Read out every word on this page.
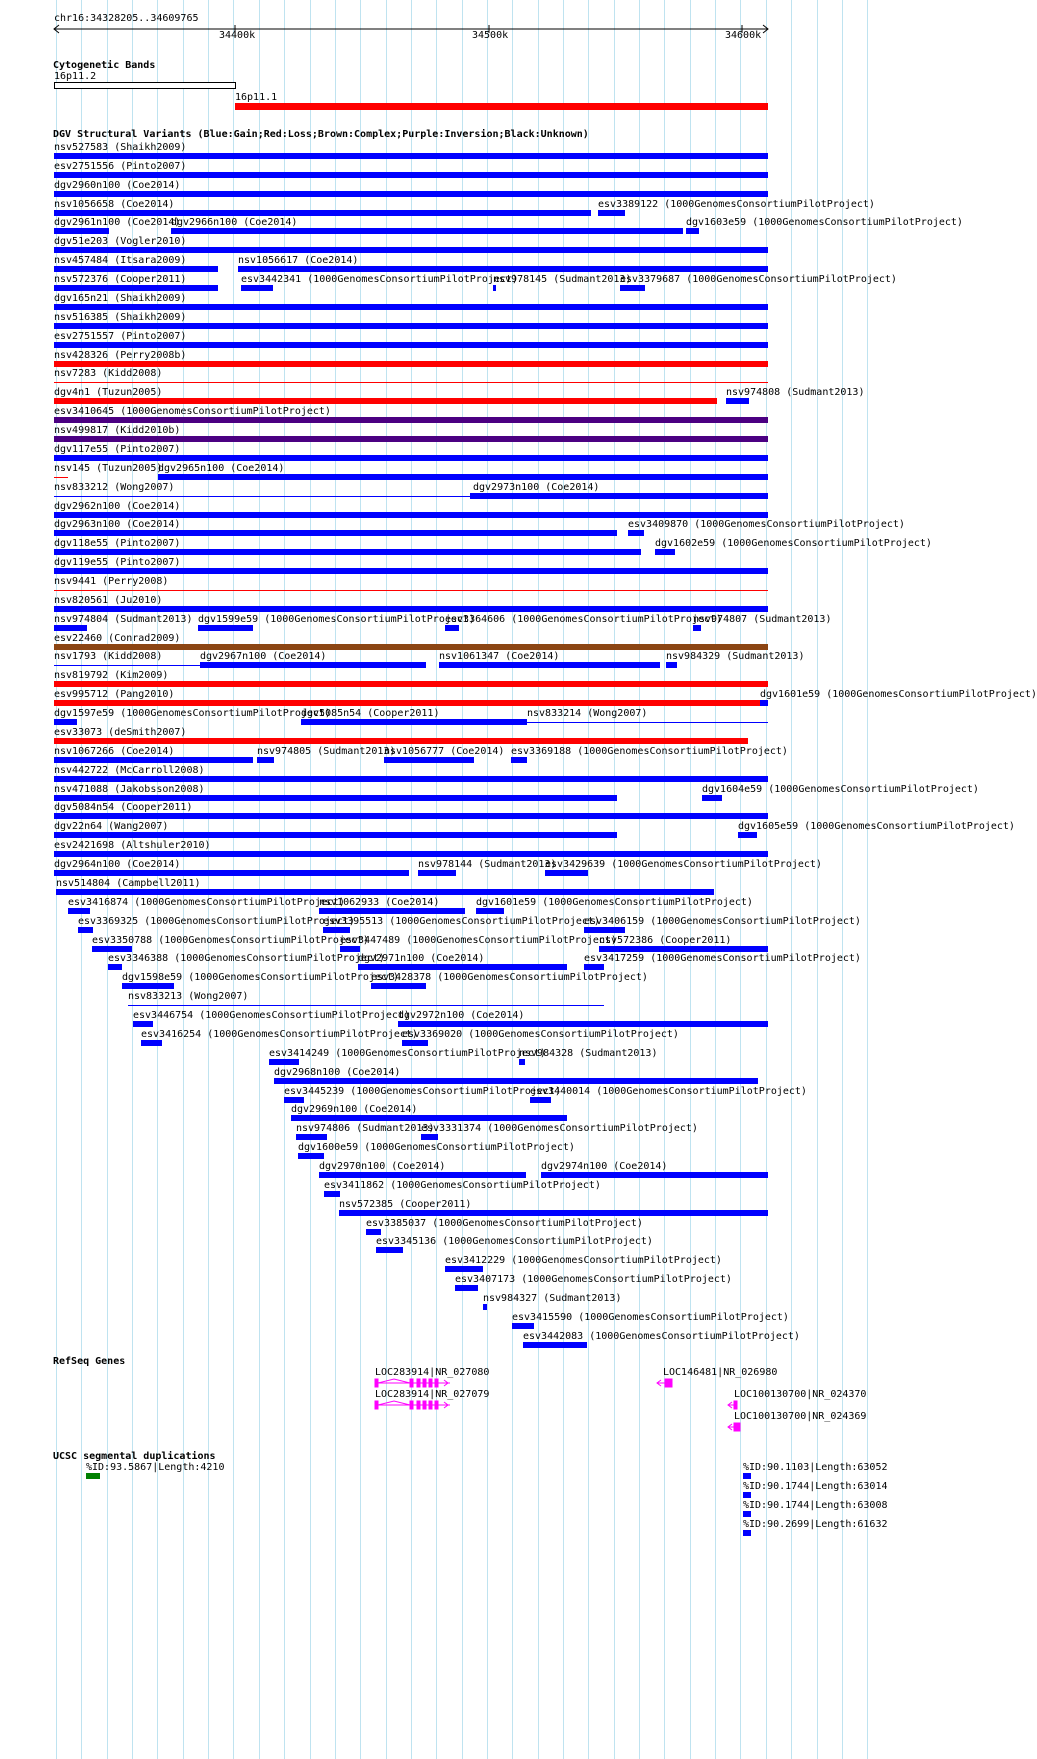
chr16:34328205..34609765
34400k	34500k	34600k
Cytogenetic Bands
16p11.2
16p11.1
DGV Structural Variants (Blue:Gain;Red:Loss;Brown:Complex;Purple:Inversion;Black:Unknown)
nsv527583 (Shaikh2009)
esv2751556 (Pinto2007)
dgv2960n100 (Coe2014)
nsv1056658 (Coe2014)	esv3389122 (1000GenomesConsortiumPilotProject)
dgv2961n100 (Coe2014)
dgv2966n100 (Coe2014)	dgv1603e59 (1000GenomesConsortiumPilotProject)
dgv51e203 (Vogler2010)
nsv457484 (Itsara2009)	nsv1056617 (Coe2014)
nsv572376 (Cooper2011)	esv3442341 (1000GenomesConsortiumPilotProject)
nsv978145 (Sudmant2013)
esv3379687 (1000GenomesConsortiumPilotProject)
dgv165n21 (Shaikh2009)
nsv516385 (Shaikh2009)
esv2751557 (Pinto2007)
nsv428326 (Perry2008b)
nsv7283 (Kidd2008)
dgv4n1 (Tuzun2005)	nsv974808 (Sudmant2013)
esv3410645 (1000GenomesConsortiumPilotProject)
nsv499817 (Kidd2010b)
dgv117e55 (Pinto2007)
nsv145 (Tuzun2005)
dgv2965n100 (Coe2014)
nsv833212 (Wong2007)	dgv2973n100 (Coe2014)
dgv2962n100 (Coe2014)
dgv2963n100 (Coe2014)	esv3409870 (1000GenomesConsortiumPilotProject)
dgv118e55 (Pinto2007)	dgv1602e59 (1000GenomesConsortiumPilotProject)
dgv119e55 (Pinto2007)
nsv9441 (Perry2008)
nsv820561 (Ju2010)
nsv974804 (Sudmant2013) dgv1599e59 (1000GenomesConsortiumPilotProject)
esv3364606 (1000GenomesConsortiumPilotProject)
nsv974807 (Sudmant2013)
esv22460 (Conrad2009)
nsv1793 (Kidd2008)	dgv2967n100 (Coe2014)	nsv1061347 (Coe2014)	nsv984329 (Sudmant2013)
nsv819792 (Kim2009)
esv995712 (Pang2010)	dgv1601e59 (1000GenomesConsortiumPilotProject)
dgv1597e59 (1000GenomesConsortiumPilotProject)
dgv5085n54 (Cooper2011)	nsv833214 (Wong2007)
esv33073 (deSmith2007)
nsv1067266 (Coe2014)	nsv974805 (Sudmant2013)
nsv1056777 (Coe2014) esv3369188 (1000GenomesConsortiumPilotProject)
nsv442722 (McCarroll2008)
nsv471088 (Jakobsson2008)	dgv1604e59 (1000GenomesConsortiumPilotProject)
dgv5084n54 (Cooper2011)
dgv22n64 (Wang2007)	dgv1605e59 (1000GenomesConsortiumPilotProject)
esv2421698 (Altshuler2010)
dgv2964n100 (Coe2014)	nsv978144 (Sudmant2013)
esv3429639 (1000GenomesConsortiumPilotProject)
nsv514804 (Campbell2011)
esv3416874 (1000GenomesConsortiumPilotProject)
nsv1062933 (Coe2014)	dgv1601e59 (1000GenomesConsortiumPilotProject)
esv3369325 (1000GenomesConsortiumPilotProject)
esv3395513 (1000GenomesConsortiumPilotProject)
esv3406159 (1000GenomesConsortiumPilotProject)
esv3350788 (1000GenomesConsortiumPilotProject)
esv3447489 (1000GenomesConsortiumPilotProject)
nsv572386 (Cooper2011)
esv3346388 (1000GenomesConsortiumPilotProject)
dgv2971n100 (Coe2014)	esv3417259 (1000GenomesConsortiumPilotProject)
dgv1598e59 (1000GenomesConsortiumPilotProject)
esv3428378 (1000GenomesConsortiumPilotProject)
nsv833213 (Wong2007)
esv3446754 (1000GenomesConsortiumPilotProject)
dgv2972n100 (Coe2014)
esv3416254 (1000GenomesConsortiumPilotProject)
esv3369020 (1000GenomesConsortiumPilotProject)
esv3414249 (1000GenomesConsortiumPilotProject)
nsv984328 (Sudmant2013)
dgv2968n100 (Coe2014)
esv3445239 (1000GenomesConsortiumPilotProject)
esv3440014 (1000GenomesConsortiumPilotProject)
dgv2969n100 (Coe2014)
nsv974806 (Sudmant2013)
esv3331374 (1000GenomesConsortiumPilotProject)
dgv1600e59 (1000GenomesConsortiumPilotProject)
dgv2970n100 (Coe2014)	dgv2974n100 (Coe2014)
esv3411862 (1000GenomesConsortiumPilotProject)
nsv572385 (Cooper2011)
esv3385037 (1000GenomesConsortiumPilotProject)
esv3345136 (1000GenomesConsortiumPilotProject)
esv3412229 (1000GenomesConsortiumPilotProject)
esv3407173 (1000GenomesConsortiumPilotProject)
nsv984327 (Sudmant2013)
esv3415590 (1000GenomesConsortiumPilotProject)
esv3442083 (1000GenomesConsortiumPilotProject)
RefSeq Genes
LOC283914|NR_027080
LOC283914|NR_027079
LOC146481|NR_026980
LOC100130700|NR_024370
LOC100130700|NR_024369
UCSC segmental duplications
%ID:93.5867|Length:4210	%ID:90.1103|Length:63052
%ID:90.1744|Length:63014
%ID:90.1744|Length:63008
%ID:90.2699|Length:61632
